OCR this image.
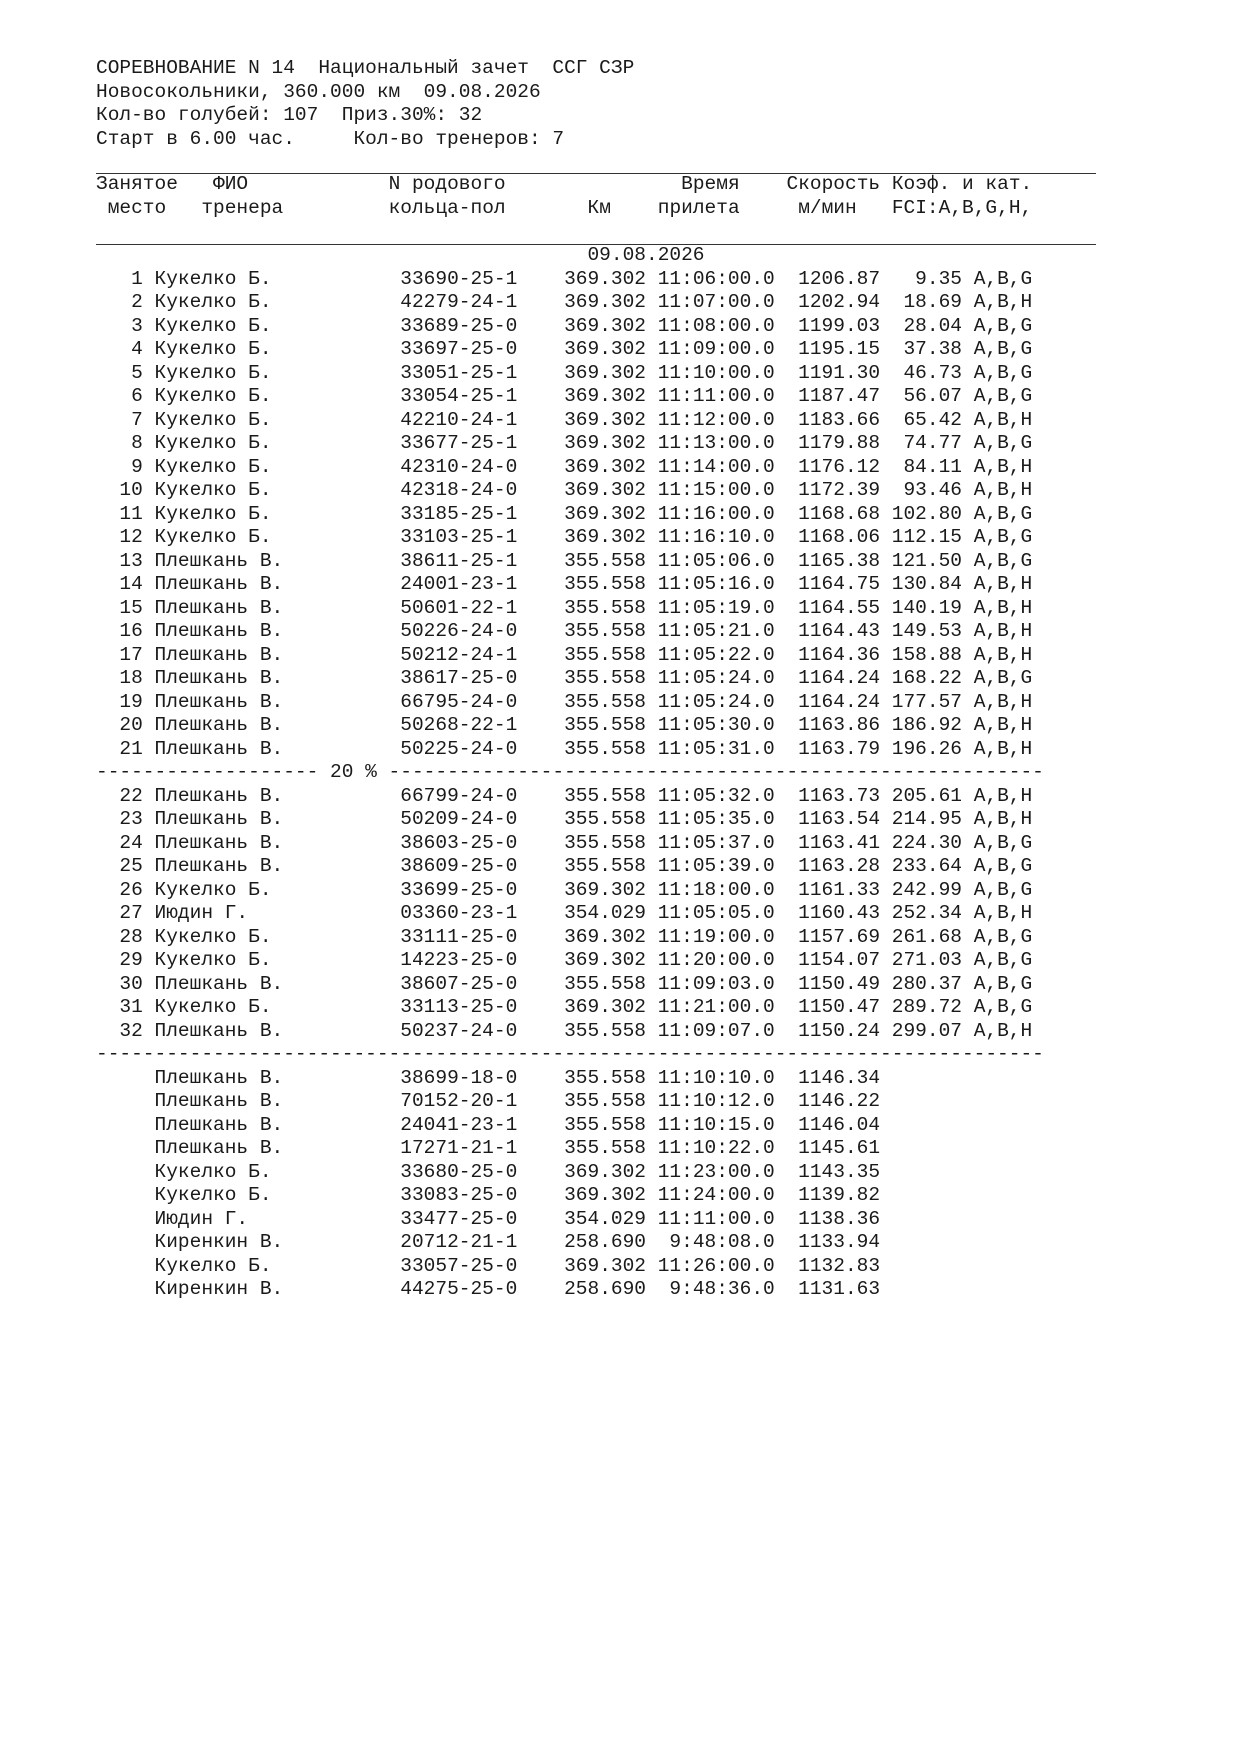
СОРЕВНОВАНИЕ N 14  Национальный зачет  ССГ СЗР
Новосокольники, 360.000 км  09.08.2026
Кол-во голубей: 107  Приз.30%: 32
Старт в 6.00 час.     Кол-во тренеров: 7
Занятое ФИО	N родового	Время Скорость Коэф. и кат.
место тренера	кольца-пол	Км прилета	м/мин FCI:A,B,G,H,

09.08.2026
1 Кукелко Б.           33690-25-1    369.302 11:06:00.0  1206.87   9.35 A,B,G
2 Кукелко Б.           42279-24-1    369.302 11:07:00.0  1202.94  18.69 A,B,H
3 Кукелко Б.           33689-25-0    369.302 11:08:00.0  1199.03  28.04 A,B,G
4 Кукелко Б.           33697-25-0    369.302 11:09:00.0  1195.15  37.38 A,B,G
5 Кукелко Б.           33051-25-1    369.302 11:10:00.0  1191.30  46.73 A,B,G
6 Кукелко Б.           33054-25-1    369.302 11:11:00.0  1187.47  56.07 A,B,G
7 Кукелко Б.           42210-24-1    369.302 11:12:00.0  1183.66  65.42 A,B,H
8 Кукелко Б.           33677-25-1    369.302 11:13:00.0  1179.88  74.77 A,B,G
9 Кукелко Б.           42310-24-0    369.302 11:14:00.0  1176.12  84.11 A,B,H
10 Кукелко Б.           42318-24-0    369.302 11:15:00.0  1172.39  93.46 A,B,H
11 Кукелко Б.           33185-25-1    369.302 11:16:00.0  1168.68 102.80 A,B,G
12 Кукелко Б.           33103-25-1    369.302 11:16:10.0  1168.06 112.15 A,B,G
13 Плешкань В.          38611-25-1    355.558 11:05:06.0  1165.38 121.50 A,B,G
14 Плешкань В.          24001-23-1    355.558 11:05:16.0  1164.75 130.84 A,B,H
15 Плешкань В.          50601-22-1    355.558 11:05:19.0  1164.55 140.19 A,B,H
16 Плешкань В.          50226-24-0    355.558 11:05:21.0  1164.43 149.53 A,B,H
17 Плешкань В.          50212-24-1    355.558 11:05:22.0  1164.36 158.88 A,B,H
18 Плешкань В.          38617-25-0    355.558 11:05:24.0  1164.24 168.22 A,B,G
19 Плешкань В.          66795-24-0    355.558 11:05:24.0  1164.24 177.57 A,B,H
20 Плешкань В.          50268-22-1    355.558 11:05:30.0  1163.86 186.92 A,B,H
21 Плешкань В.          50225-24-0    355.558 11:05:31.0  1163.79 196.26 A,B,H
------------------- 20 % --------------------------------------------------------
22 Плешкань В.          66799-24-0    355.558 11:05:32.0  1163.73 205.61 A,B,H
23 Плешкань В.          50209-24-0    355.558 11:05:35.0  1163.54 214.95 A,B,H
24 Плешкань В.          38603-25-0    355.558 11:05:37.0  1163.41 224.30 A,B,G
25 Плешкань В.          38609-25-0    355.558 11:05:39.0  1163.28 233.64 A,B,G
26 Кукелко Б.           33699-25-0    369.302 11:18:00.0  1161.33 242.99 A,B,G
27 Июдин Г.             03360-23-1    354.029 11:05:05.0  1160.43 252.34 A,B,H
28 Кукелко Б.           33111-25-0    369.302 11:19:00.0  1157.69 261.68 A,B,G
29 Кукелко Б.           14223-25-0    369.302 11:20:00.0  1154.07 271.03 A,B,G
30 Плешкань В.          38607-25-0    355.558 11:09:03.0  1150.49 280.37 A,B,G
31 Кукелко Б.           33113-25-0    369.302 11:21:00.0  1150.47 289.72 A,B,G
32 Плешкань В.          50237-24-0    355.558 11:09:07.0  1150.24 299.07 A,B,H
---------------------------------------------------------------------------------
Плешкань В.          38699-18-0    355.558 11:10:10.0  1146.34
Плешкань В.          70152-20-1    355.558 11:10:12.0  1146.22
Плешкань В.          24041-23-1    355.558 11:10:15.0  1146.04
Плешкань В.          17271-21-1    355.558 11:10:22.0  1145.61
Кукелко Б.           33680-25-0    369.302 11:23:00.0  1143.35
Кукелко Б.           33083-25-0    369.302 11:24:00.0  1139.82
Июдин Г.             33477-25-0    354.029 11:11:00.0  1138.36
Киренкин В.          20712-21-1    258.690  9:48:08.0  1133.94
Кукелко Б.           33057-25-0    369.302 11:26:00.0  1132.83
Киренкин В.          44275-25-0    258.690  9:48:36.0  1131.63
